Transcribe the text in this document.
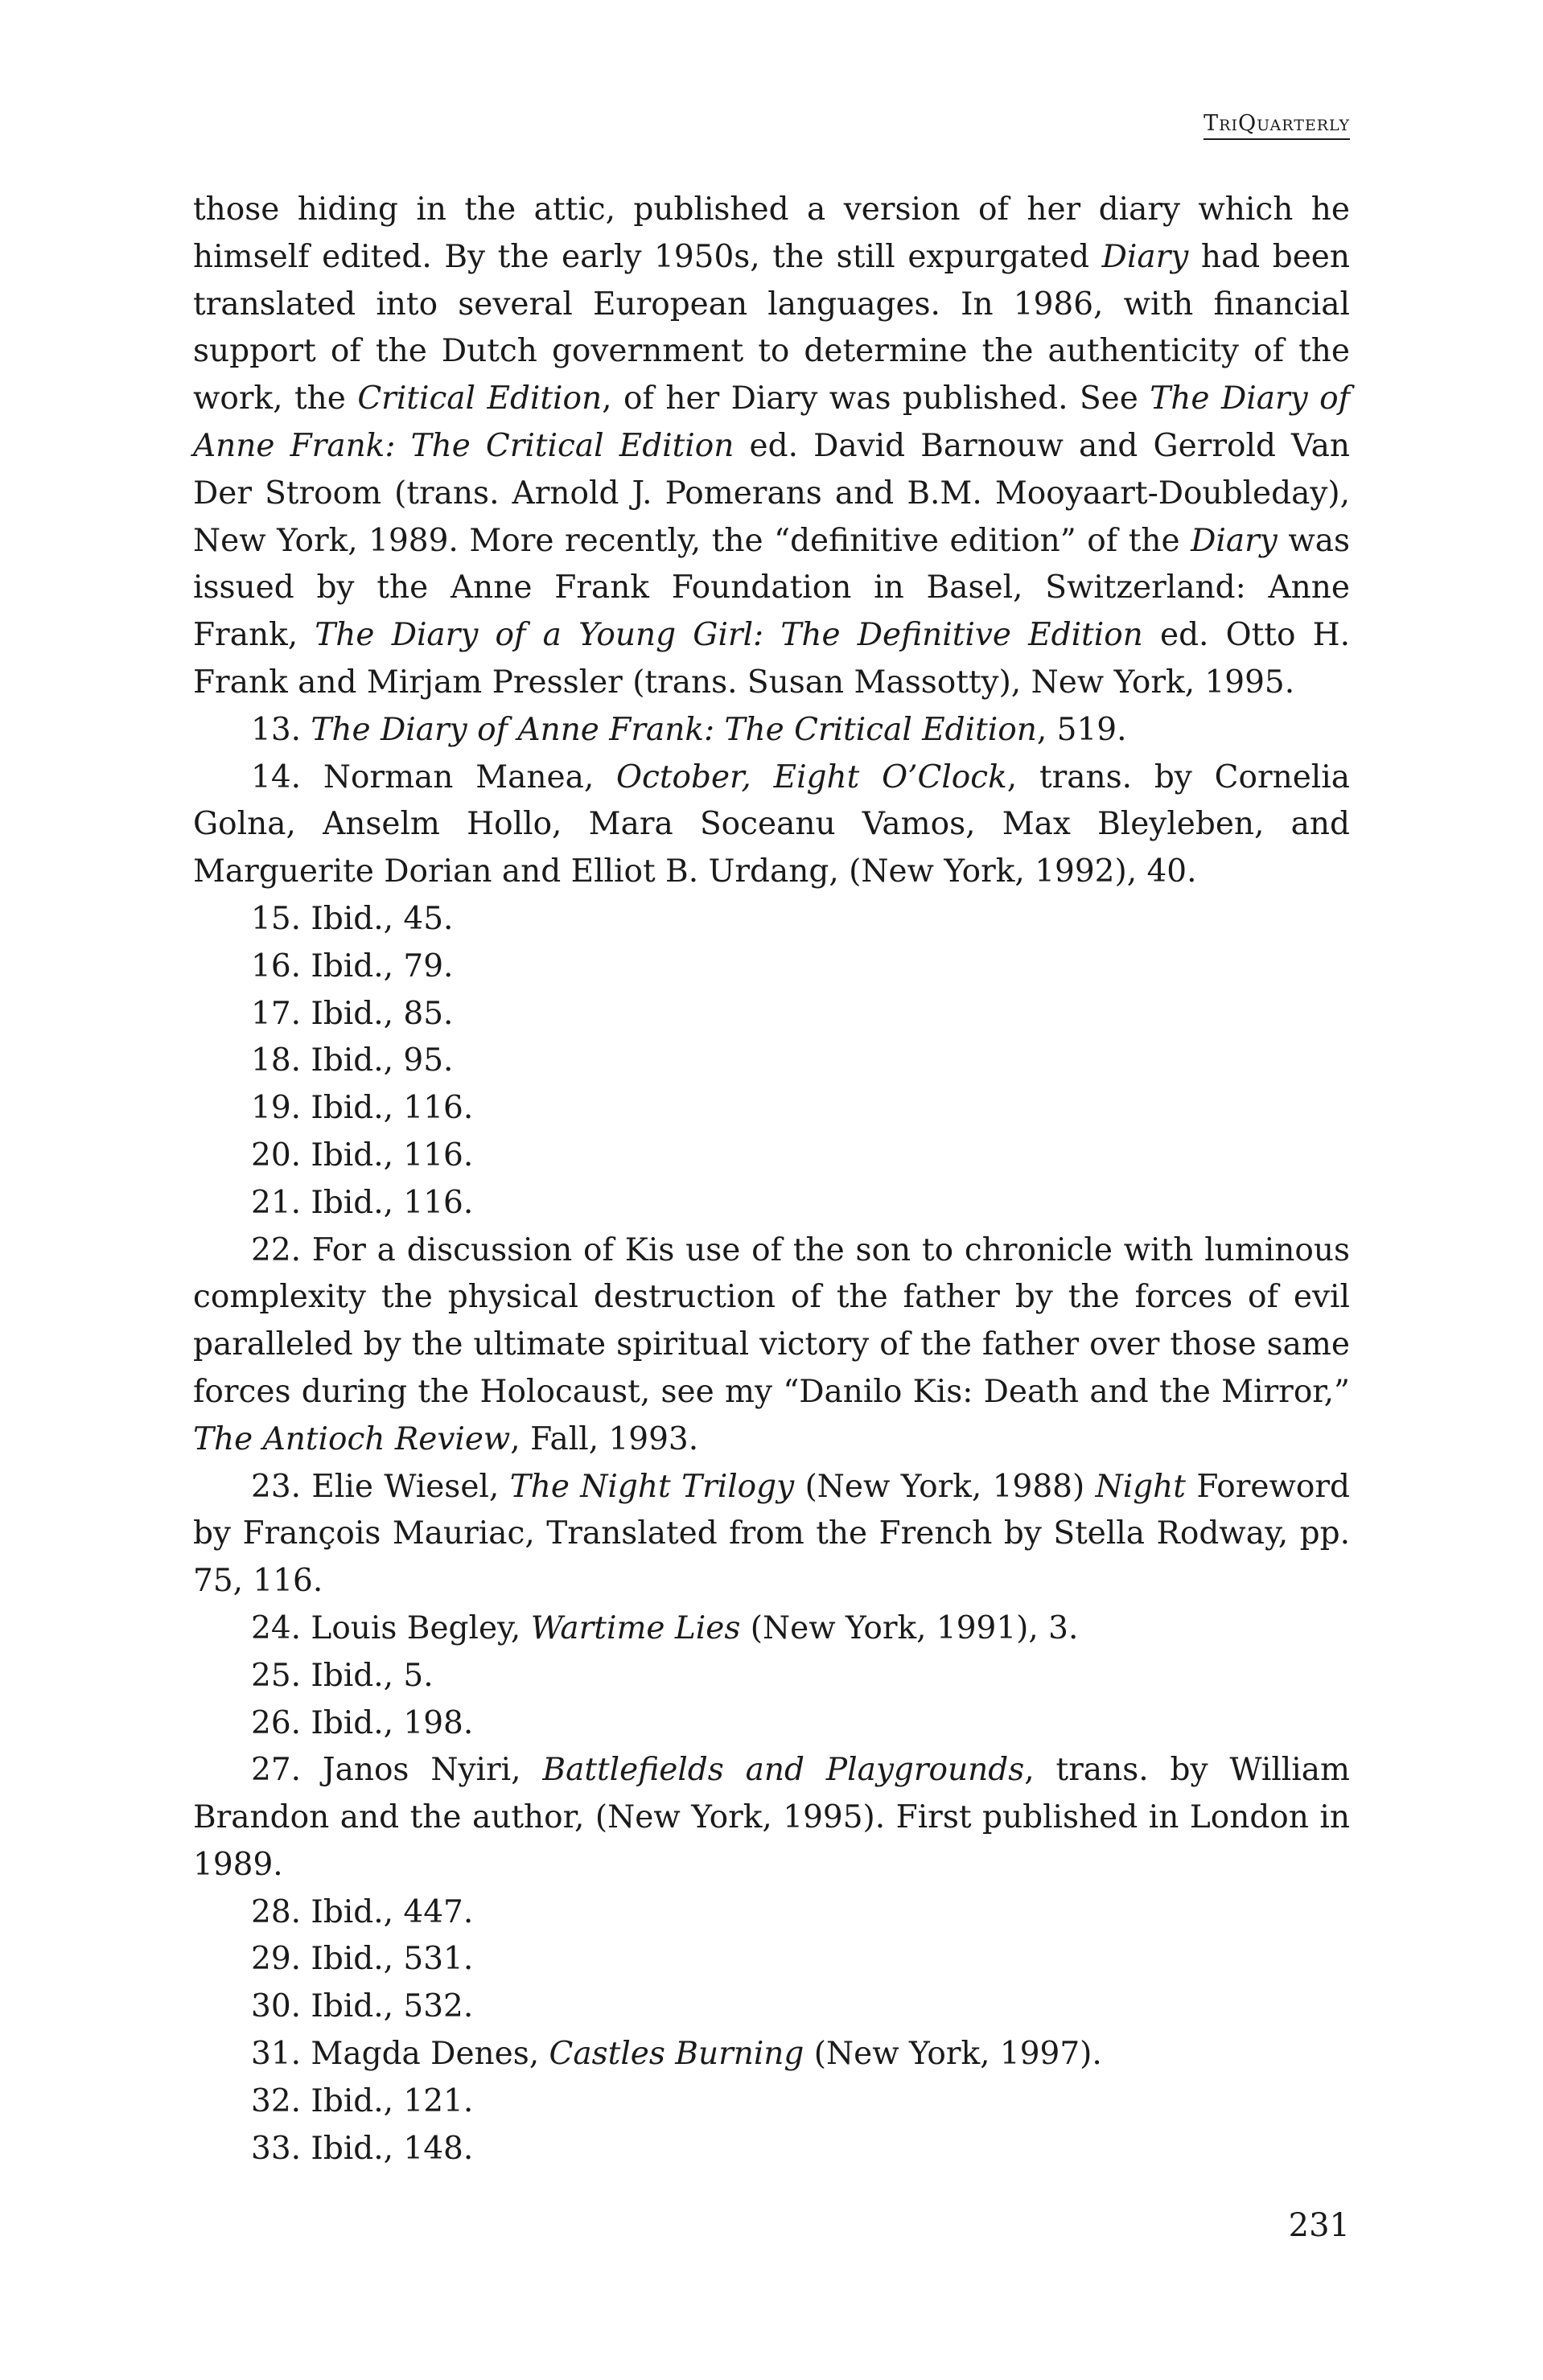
TriQuarterly

those hiding in the attic, published a version of her diary which he himself edited. By the early 1950s, the still expurgated Diary had been translated into several European languages. In 1986, with financial support of the Dutch government to determine the authenticity of the work, the Critical Edition, of her Diary was published. See The Diary of Anne Frank: The Critical Edition ed. David Barnouw and Gerrold Van Der Stroom (trans. Arnold J. Pomerans and B.M. Mooyaart-Doubleday), New York, 1989. More recently, the “definitive edition” of the Diary was issued by the Anne Frank Foundation in Basel, Switzerland: Anne Frank, The Diary of a Young Girl: The Definitive Edition ed. Otto H. Frank and Mirjam Pressler (trans. Susan Massotty), New York, 1995.

13. The Diary of Anne Frank: The Critical Edition, 519.

14. Norman Manea, October, Eight O’Clock, trans. by Cornelia Golna, Anselm Hollo, Mara Soceanu Vamos, Max Bleyleben, and Marguerite Dorian and Elliot B. Urdang, (New York, 1992), 40.

15. Ibid., 45.

16. Ibid., 79.

17. Ibid., 85.

18. Ibid., 95.

19. Ibid., 116.

20. Ibid., 116.

21. Ibid., 116.

22. For a discussion of Kis use of the son to chronicle with luminous complexity the physical destruction of the father by the forces of evil paralleled by the ultimate spiritual victory of the father over those same forces during the Holocaust, see my “Danilo Kis: Death and the Mirror,” The Antioch Review, Fall, 1993.

23. Elie Wiesel, The Night Trilogy (New York, 1988) Night Foreword by François Mauriac, Translated from the French by Stella Rodway, pp. 75, 116.

24. Louis Begley, Wartime Lies (New York, 1991), 3.

25. Ibid., 5.

26. Ibid., 198.

27. Janos Nyiri, Battlefields and Playgrounds, trans. by William Brandon and the author, (New York, 1995). First published in London in 1989.

28. Ibid., 447.

29. Ibid., 531.

30. Ibid., 532.

31. Magda Denes, Castles Burning (New York, 1997).

32. Ibid., 121.

33. Ibid., 148.

231
